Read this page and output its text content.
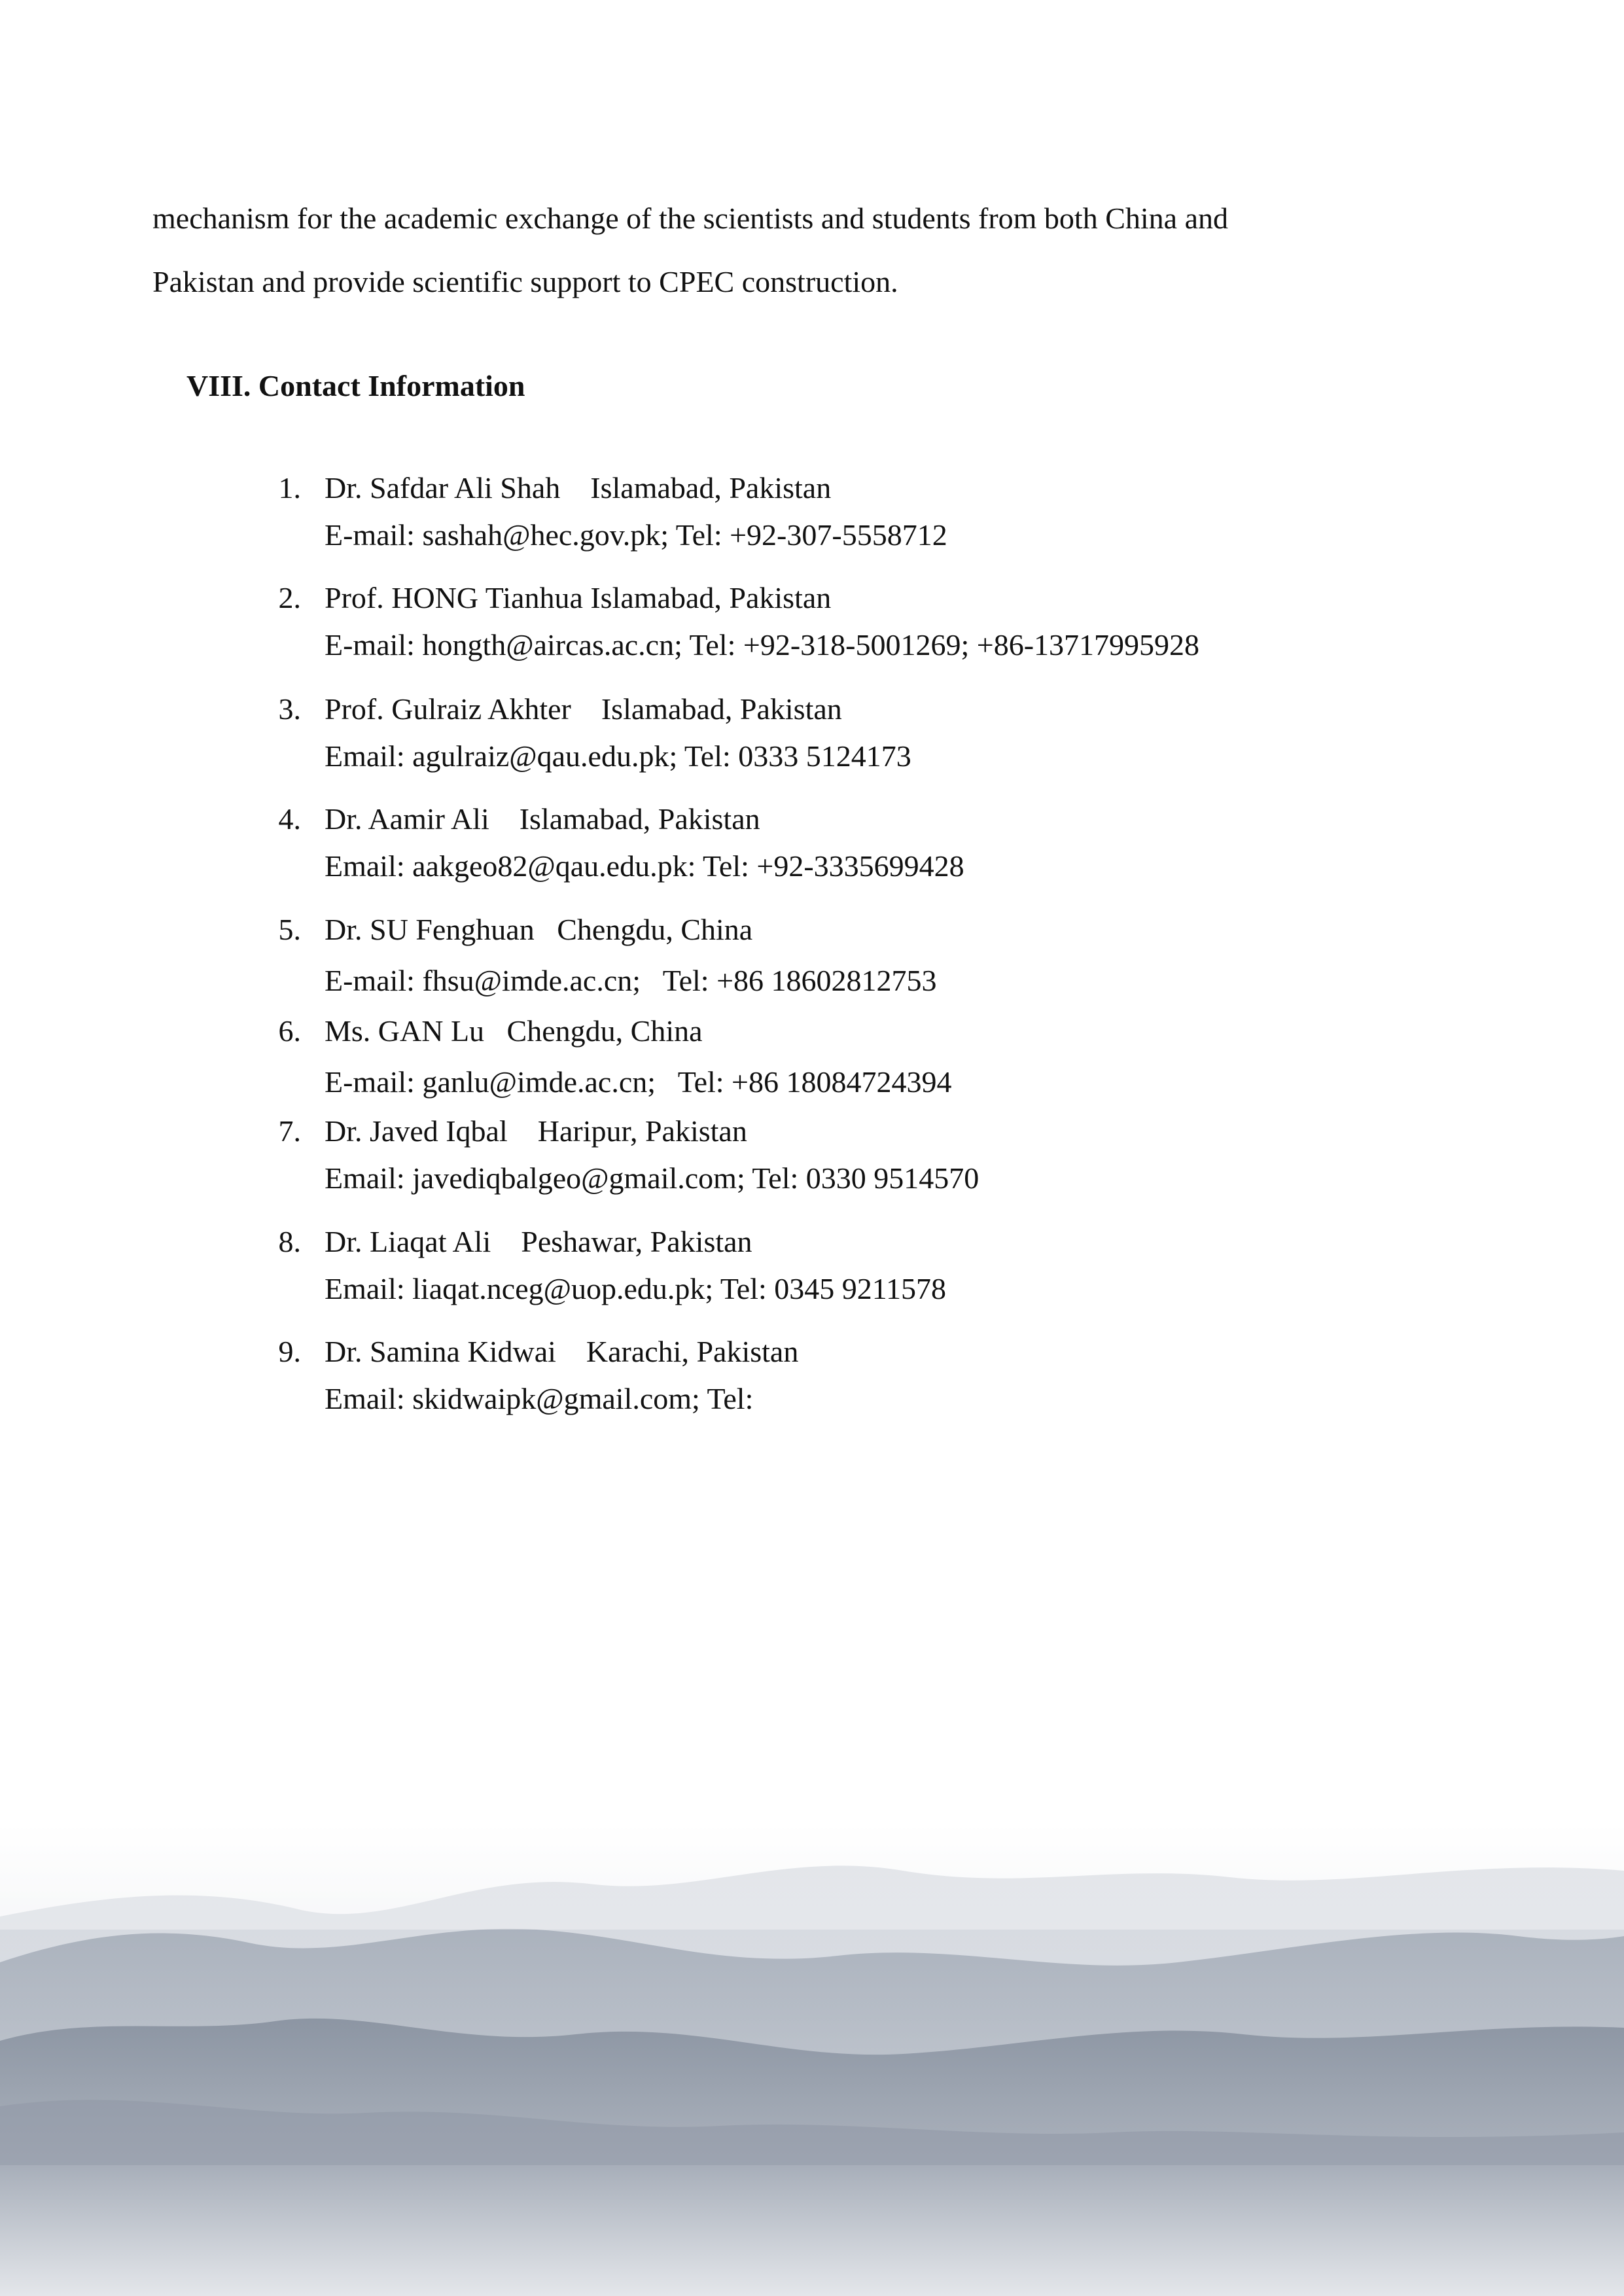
mechanism for the academic exchange of the scientists and students from both China and

Pakistan and provide scientific support to CPEC construction.

VIII. Contact Information
1. Dr. Safdar Ali Shah    Islamabad, Pakistan
E-mail: sashah@hec.gov.pk; Tel: +92-307-5558712
2. Prof. HONG Tianhua Islamabad, Pakistan
E-mail: hongth@aircas.ac.cn; Tel: +92-318-5001269; +86-13717995928
3. Prof. Gulraiz Akhter    Islamabad, Pakistan
Email: agulraiz@qau.edu.pk; Tel: 0333 5124173
4. Dr. Aamir Ali    Islamabad, Pakistan
Email: aakgeo82@qau.edu.pk: Tel: +92-3335699428
5. Dr. SU Fenghuan   Chengdu, China
E-mail: fhsu@imde.ac.cn;   Tel: +86 18602812753
6. Ms. GAN Lu   Chengdu, China
E-mail: ganlu@imde.ac.cn;   Tel: +86 18084724394
7. Dr. Javed Iqbal    Haripur, Pakistan
Email: javediqbalgeo@gmail.com; Tel: 0330 9514570
8. Dr. Liaqat Ali    Peshawar, Pakistan
Email: liaqat.nceg@uop.edu.pk; Tel: 0345 9211578
9. Dr. Samina Kidwai    Karachi, Pakistan
Email: skidwaipk@gmail.com; Tel:
